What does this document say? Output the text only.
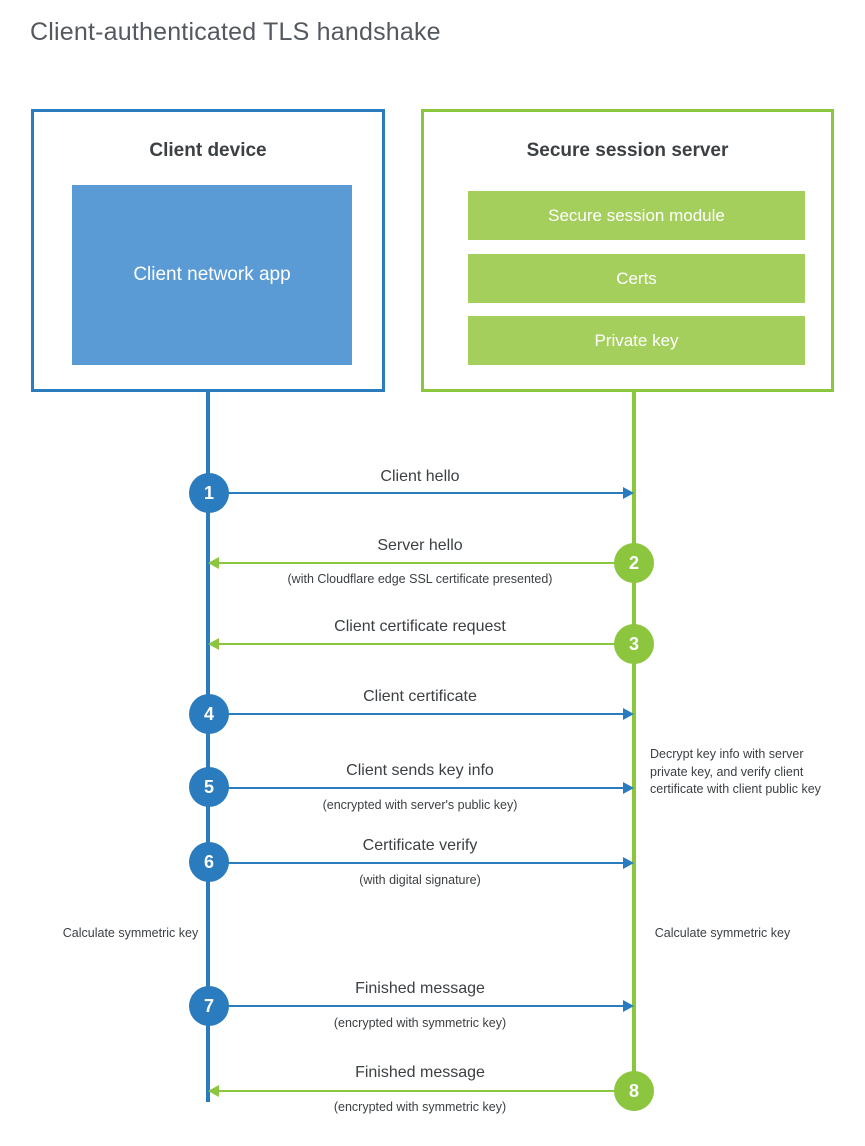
Client-authenticated TLS handshake
Client device
Client network app
Secure session server
Secure session module
Certs
Private key
1
Client hello
2
Server hello
(with Cloudflare edge SSL certificate presented)
3
Client certificate request
4
Client certificate
5
Client sends key info
(encrypted with server's public key)
Decrypt key info with server private key, and verify client certificate with client public key
6
Certificate verify
(with digital signature)
Calculate symmetric key	Calculate symmetric key
7
Finished message
(encrypted with symmetric key)
8
Finished message
(encrypted with symmetric key)
